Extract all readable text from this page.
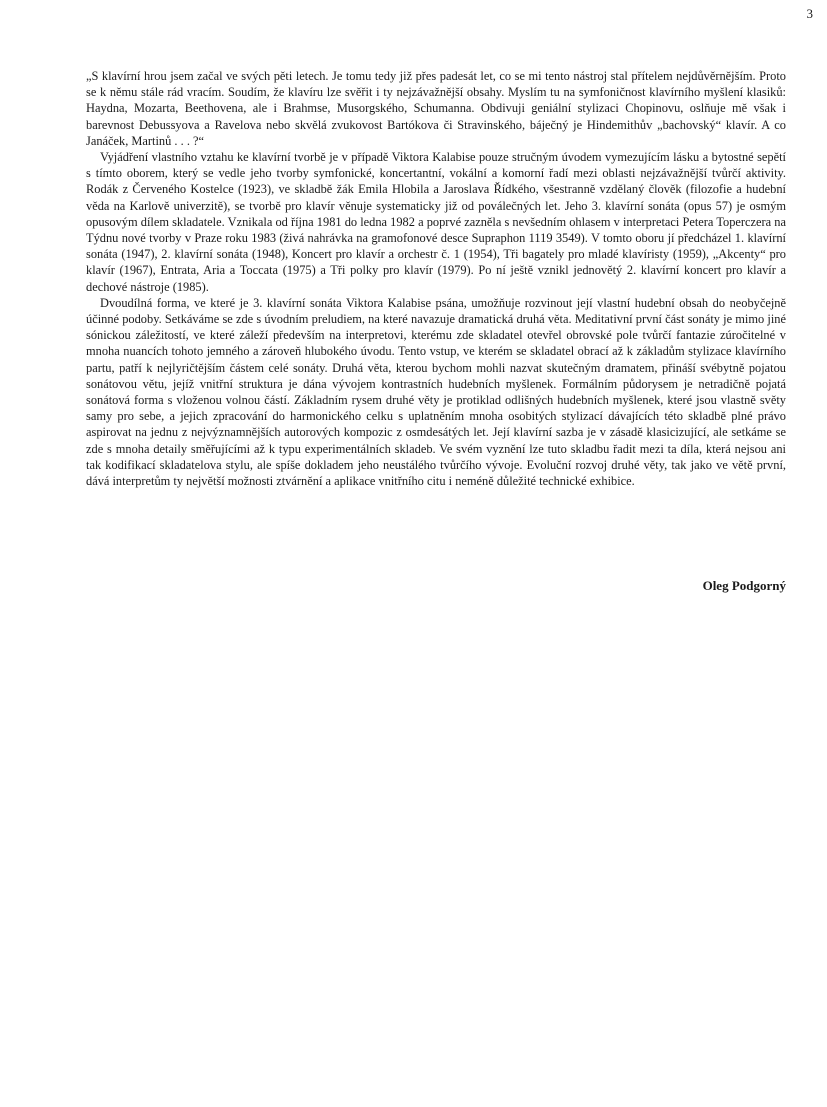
3

„S klavírní hrou jsem začal ve svých pěti letech. Je tomu tedy již přes padesát let, co se mi tento nástroj stal přítelem nejdůvěrnějším. Proto se k němu stále rád vracím. Soudím, že klavíru lze svěřit i ty nejzávažnější obsahy. Myslím tu na symfoničnost klavírního myšlení klasiků: Haydna, Mozarta, Beethovena, ale i Brahmse, Musorgského, Schumanna. Obdivuji geniální stylizaci Chopinovu, oslňuje mě však i barevnost Debussyova a Ravelova nebo skvělá zvukovost Bartókova či Stravinského, báječný je Hindemithův „bachovský“ klavír. A co Janáček, Martinů . . . ?“

Vyjádření vlastního vztahu ke klavírní tvorbě je v případě Viktora Kalabise pouze stručným úvodem vymezujícím lásku a bytostné sepětí s tímto oborem, který se vedle jeho tvorby symfonické, koncertantní, vokální a komorní řadí mezi oblasti nejzávažnější tvůrčí aktivity. Rodák z Červeného Kostelce (1923), ve skladbě žák Emila Hlobila a Jaroslava Řídkého, všestranně vzdělaný člověk (filozofie a hudební věda na Karlově univerzitě), se tvorbě pro klavír věnuje systematicky již od poválečných let. Jeho 3. klavírní sonáta (opus 57) je osmým opusovým dílem skladatele. Vznikala od října 1981 do ledna 1982 a poprvé zazněla s nevšedním ohlasem v interpretaci Petera Toperczera na Týdnu nové tvorby v Praze roku 1983 (živá nahrávka na gramofonové desce Supraphon 1119 3549). V tomto oboru jí předcházel 1. klavírní sonáta (1947), 2. klavírní sonáta (1948), Koncert pro klavír a orchestr č. 1 (1954), Tři bagately pro mladé klavíristy (1959), „Akcenty“ pro klavír (1967), Entrata, Aria a Toccata (1975) a Tři polky pro klavír (1979). Po ní ještě vznikl jednovětý 2. klavírní koncert pro klavír a dechové nástroje (1985).

Dvoudílná forma, ve které je 3. klavírní sonáta Viktora Kalabise psána, umožňuje rozvinout její vlastní hudební obsah do neobyčejně účinné podoby. Setkáváme se zde s úvodním preludiem, na které navazuje dramatická druhá věta. Meditativní první část sonáty je mimo jiné sónickou záležitostí, ve které záleží především na interpretovi, kterému zde skladatel otevřel obrovské pole tvůrčí fantazie zúročitelné v mnoha nuancích tohoto jemného a zároveň hlubokého úvodu. Tento vstup, ve kterém se skladatel obrací až k základům stylizace klavírního partu, patří k nejlyričtějším částem celé sonáty. Druhá věta, kterou bychom mohli nazvat skutečným dramatem, přináší svébytně pojatou sonátovou větu, jejíž vnitřní struktura je dána vývojem kontrastních hudebních myšlenek. Formálním půdorysem je netradičně pojatá sonátová forma s vloženou volnou částí. Základním rysem druhé věty je protiklad odlišných hudebních myšlenek, které jsou vlastně světy samy pro sebe, a jejich zpracování do harmonického celku s uplatněním mnoha osobitých stylizací dávajících této skladbě plné právo aspirovat na jednu z nejvýznamnějších autorových kompozic z osmdesátých let. Její klavírní sazba je v zásadě klasicizující, ale setkáme se zde s mnoha detaily směřujícími až k typu experimentálních skladeb. Ve svém vyznění lze tuto skladbu řadit mezi ta díla, která nejsou ani tak kodifikací skladatelova stylu, ale spíše dokladem jeho neustálého tvůrčího vývoje. Evoluční rozvoj druhé věty, tak jako ve větě první, dává interpretům ty největší možnosti ztvárnění a aplikace vnitřního citu i neméně důležité technické exhibice.

Oleg Podgorný
